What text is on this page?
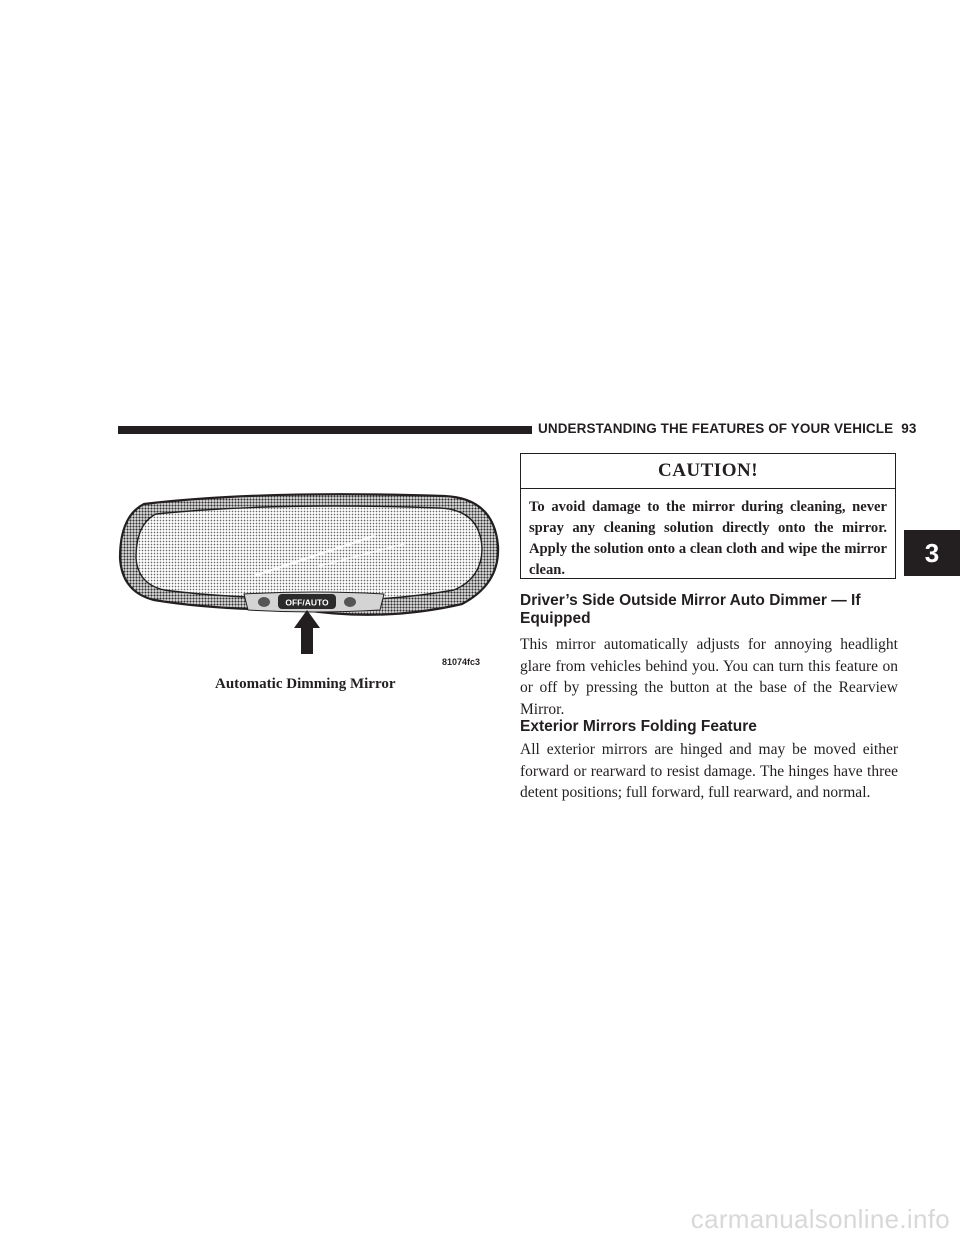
UNDERSTANDING THE FEATURES OF YOUR VEHICLE 93
OFF/AUTO
81074fc3
Automatic Dimming Mirror
CAUTION!
To avoid damage to the mirror during cleaning, never spray any cleaning solution directly onto the mirror. Apply the solution onto a clean cloth and wipe the mirror clean.
Driver’s Side Outside Mirror Auto Dimmer — If Equipped
This mirror automatically adjusts for annoying headlight glare from vehicles behind you. You can turn this feature on or off by pressing the button at the base of the Rearview Mirror.
Exterior Mirrors Folding Feature
All exterior mirrors are hinged and may be moved either forward or rearward to resist damage. The hinges have three detent positions; full forward, full rearward, and normal.
3
carmanualsonline.info
